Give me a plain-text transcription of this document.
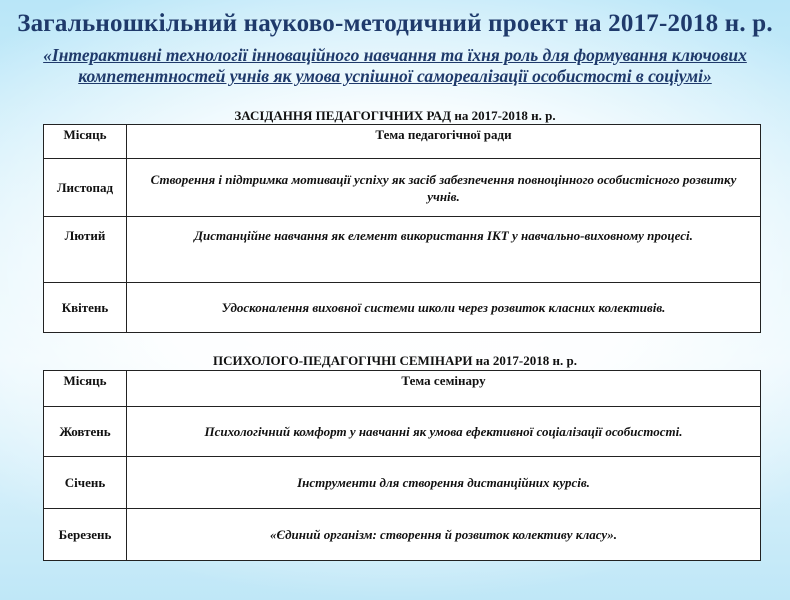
Загальношкільний науково-методичний проект на 2017-2018 н. р.
«Інтерактивні технології інноваційного навчання та їхня роль для формування ключових
компетентностей учнів як умова успішної самореалізації особистості в соціумі»
ЗАСІДАННЯ ПЕДАГОГІЧНИХ РАД на 2017-2018 н. р.
Місяць	Тема педагогічної ради
Листопад	Створення і підтримка мотивації успіху як засіб забезпечення повноцінного особистісного розвитку учнів.
Лютий	Дистанційне навчання як елемент використання ІКТ у навчально-виховному процесі.
Квітень	Удосконалення виховної системи школи через розвиток класних колективів.
ПСИХОЛОГО-ПЕДАГОГІЧНІ СЕМІНАРИ на 2017-2018 н. р.
Місяць	Тема семінару
Жовтень	Психологічний комфорт у навчанні як умова ефективної соціалізації особистості.
Січень	Інструменти для створення дистанційних курсів.
Березень	«Єдиний організм: створення й розвиток колективу класу».
